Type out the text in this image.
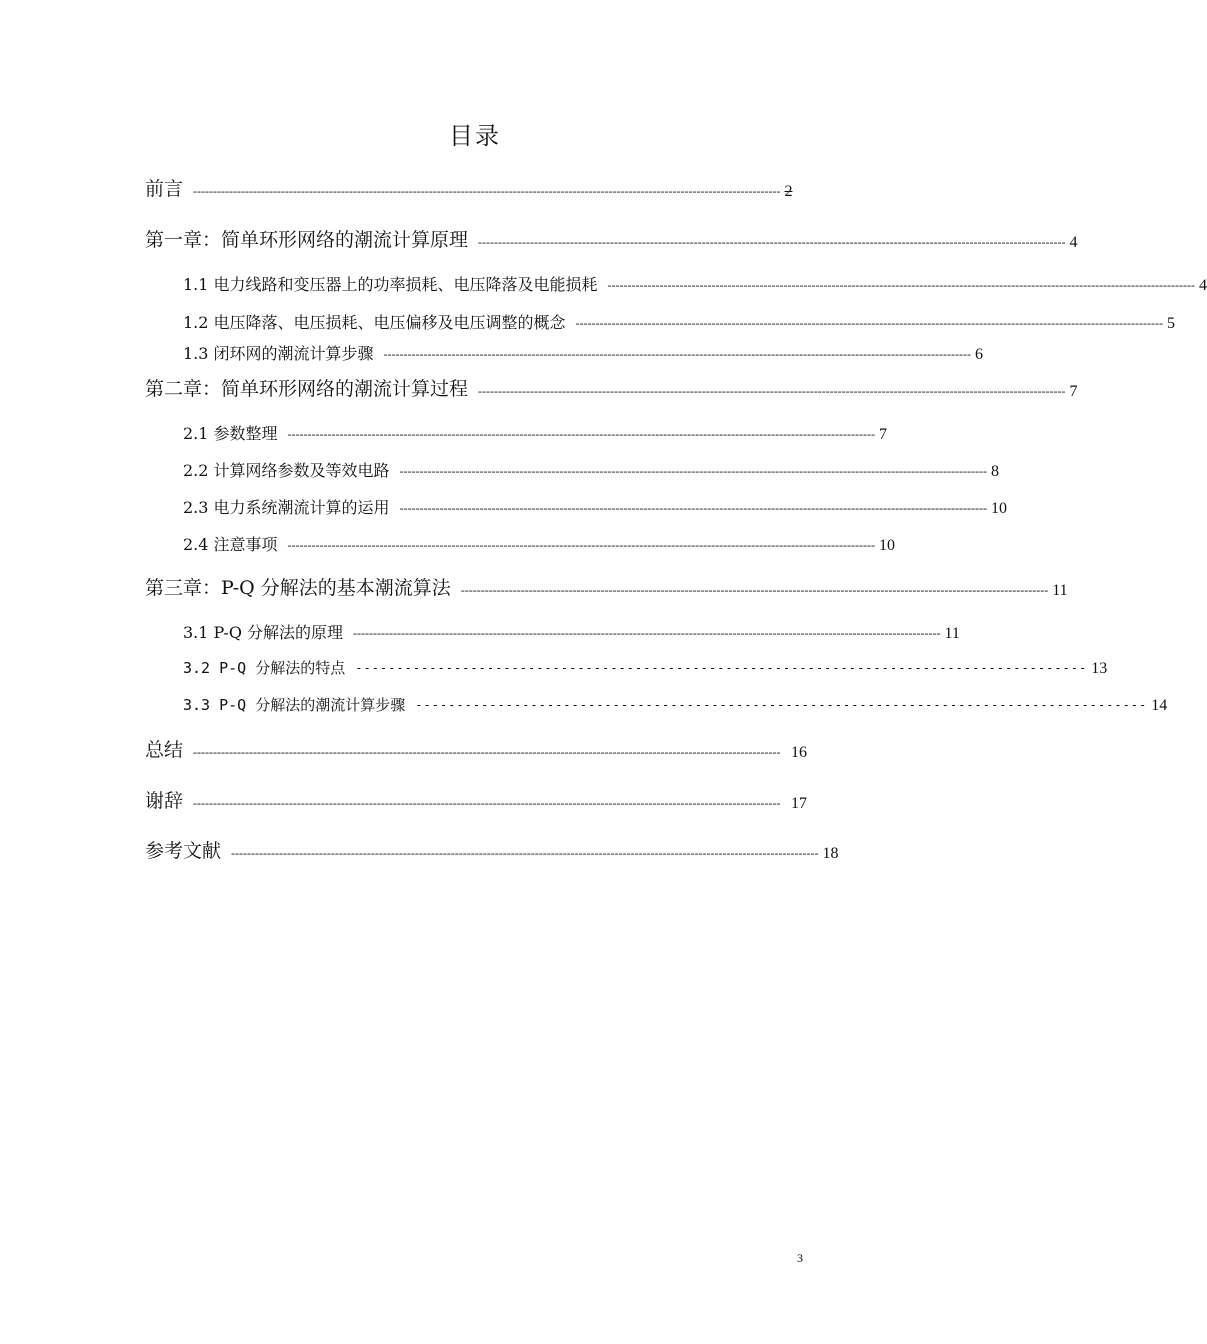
目录
前言 --------------------------------------------------------------------------------------------------------------------------------------------------- 2
第一章：简单环形网络的潮流计算原理 --------------------------------------------------------------------------------------------------------------------------------------------------- 4
1.1 电力线路和变压器上的功率损耗、电压降落及电能损耗 --------------------------------------------------------------------------------------------------------------------------------------------------- 4
1.2 电压降落、电压损耗、电压偏移及电压调整的概念 --------------------------------------------------------------------------------------------------------------------------------------------------- 5
1.3 闭环网的潮流计算步骤 --------------------------------------------------------------------------------------------------------------------------------------------------- 6
第二章：简单环形网络的潮流计算过程 --------------------------------------------------------------------------------------------------------------------------------------------------- 7
2.1 参数整理 --------------------------------------------------------------------------------------------------------------------------------------------------- 7
2.2 计算网络参数及等效电路 --------------------------------------------------------------------------------------------------------------------------------------------------- 8
2.3 电力系统潮流计算的运用 --------------------------------------------------------------------------------------------------------------------------------------------------- 10
2.4 注意事项 --------------------------------------------------------------------------------------------------------------------------------------------------- 10
第三章：P-Q 分解法的基本潮流算法 --------------------------------------------------------------------------------------------------------------------------------------------------- 11
3.1 P-Q 分解法的原理 --------------------------------------------------------------------------------------------------------------------------------------------------- 11
3.2 P-Q 分解法的特点 ----------------------------------------------------------------------------------------- 13
3.3 P-Q 分解法的潮流计算步骤 ----------------------------------------------------------------------------------------- 14
总结 --------------------------------------------------------------------------------------------------------------------------------------------------- 16
谢辞 --------------------------------------------------------------------------------------------------------------------------------------------------- 17
参考文献 --------------------------------------------------------------------------------------------------------------------------------------------------- 18
3
